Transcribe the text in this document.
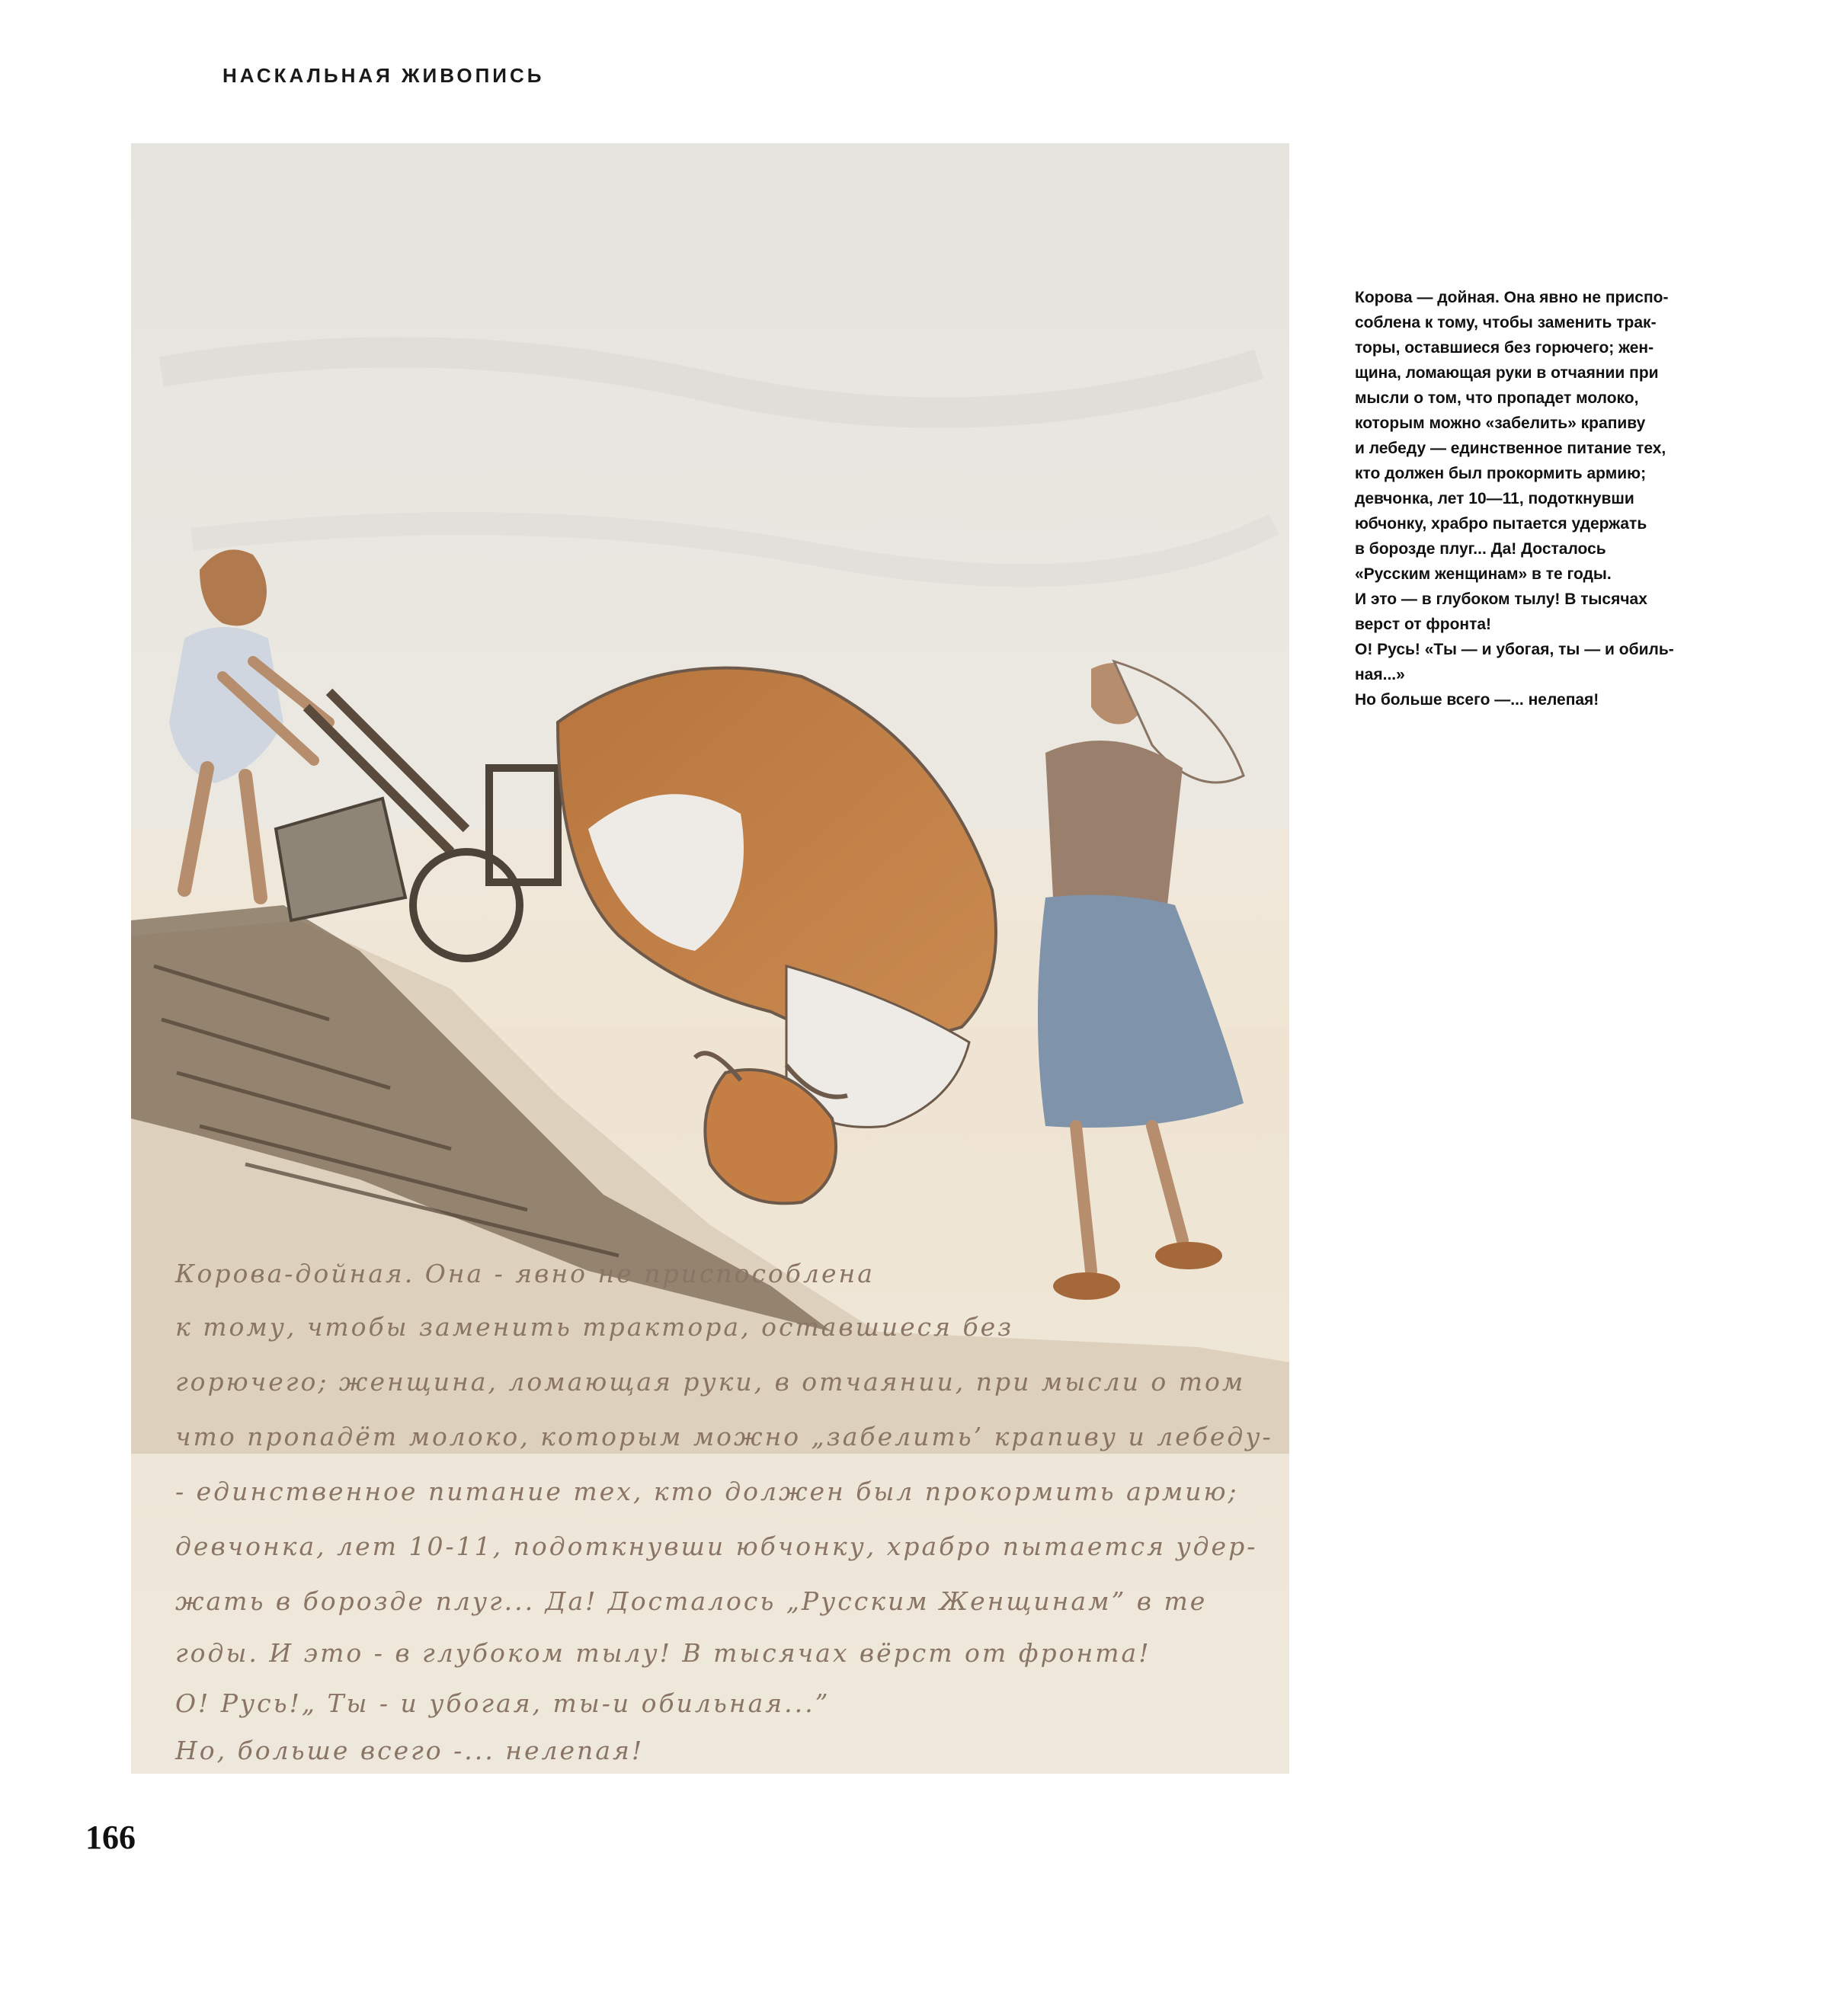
НАСКАЛЬНАЯ ЖИВОПИСЬ
Корова-дойная. Она - явно не приспособлена
к тому, чтобы заменить трактора, оставшиеся без
горючего; женщина, ломающая руки, в отчаянии, при мысли о том
что пропадёт молоко, которым можно „забелить’ крапиву и лебеду-
- единственное питание тех, кто должен был прокормить армию;
девчонка, лет 10-11, подоткнувши юбчонку, храбро пытается удер-
жать в борозде плуг... Да! Досталось „Русским Женщинам” в те
годы. И это - в глубоком тылу! В тысячах вёрст от фронта!
О! Русь!„ Ты - и убогая, ты-и обильная...”
Но, больше всего -... нелепая!

Корова — дойная. Она явно не приспо-

соблена к тому, чтобы заменить трак-

торы, оставшиеся без горючего; жен-

щина, ломающая руки в отчаянии при

мысли о том, что пропадет молоко,

которым можно «забелить» крапиву

и лебеду — единственное питание тех,

кто должен был прокормить армию;

девчонка, лет 10—11, подоткнувши

юбчонку, храбро пытается удержать

в борозде плуг... Да! Досталось

«Русским женщинам» в те годы.

И это — в глубоком тылу! В тысячах

верст от фронта!

О! Русь! «Ты — и убогая, ты — и обиль-

ная...»

Но больше всего —... нелепая!

166
